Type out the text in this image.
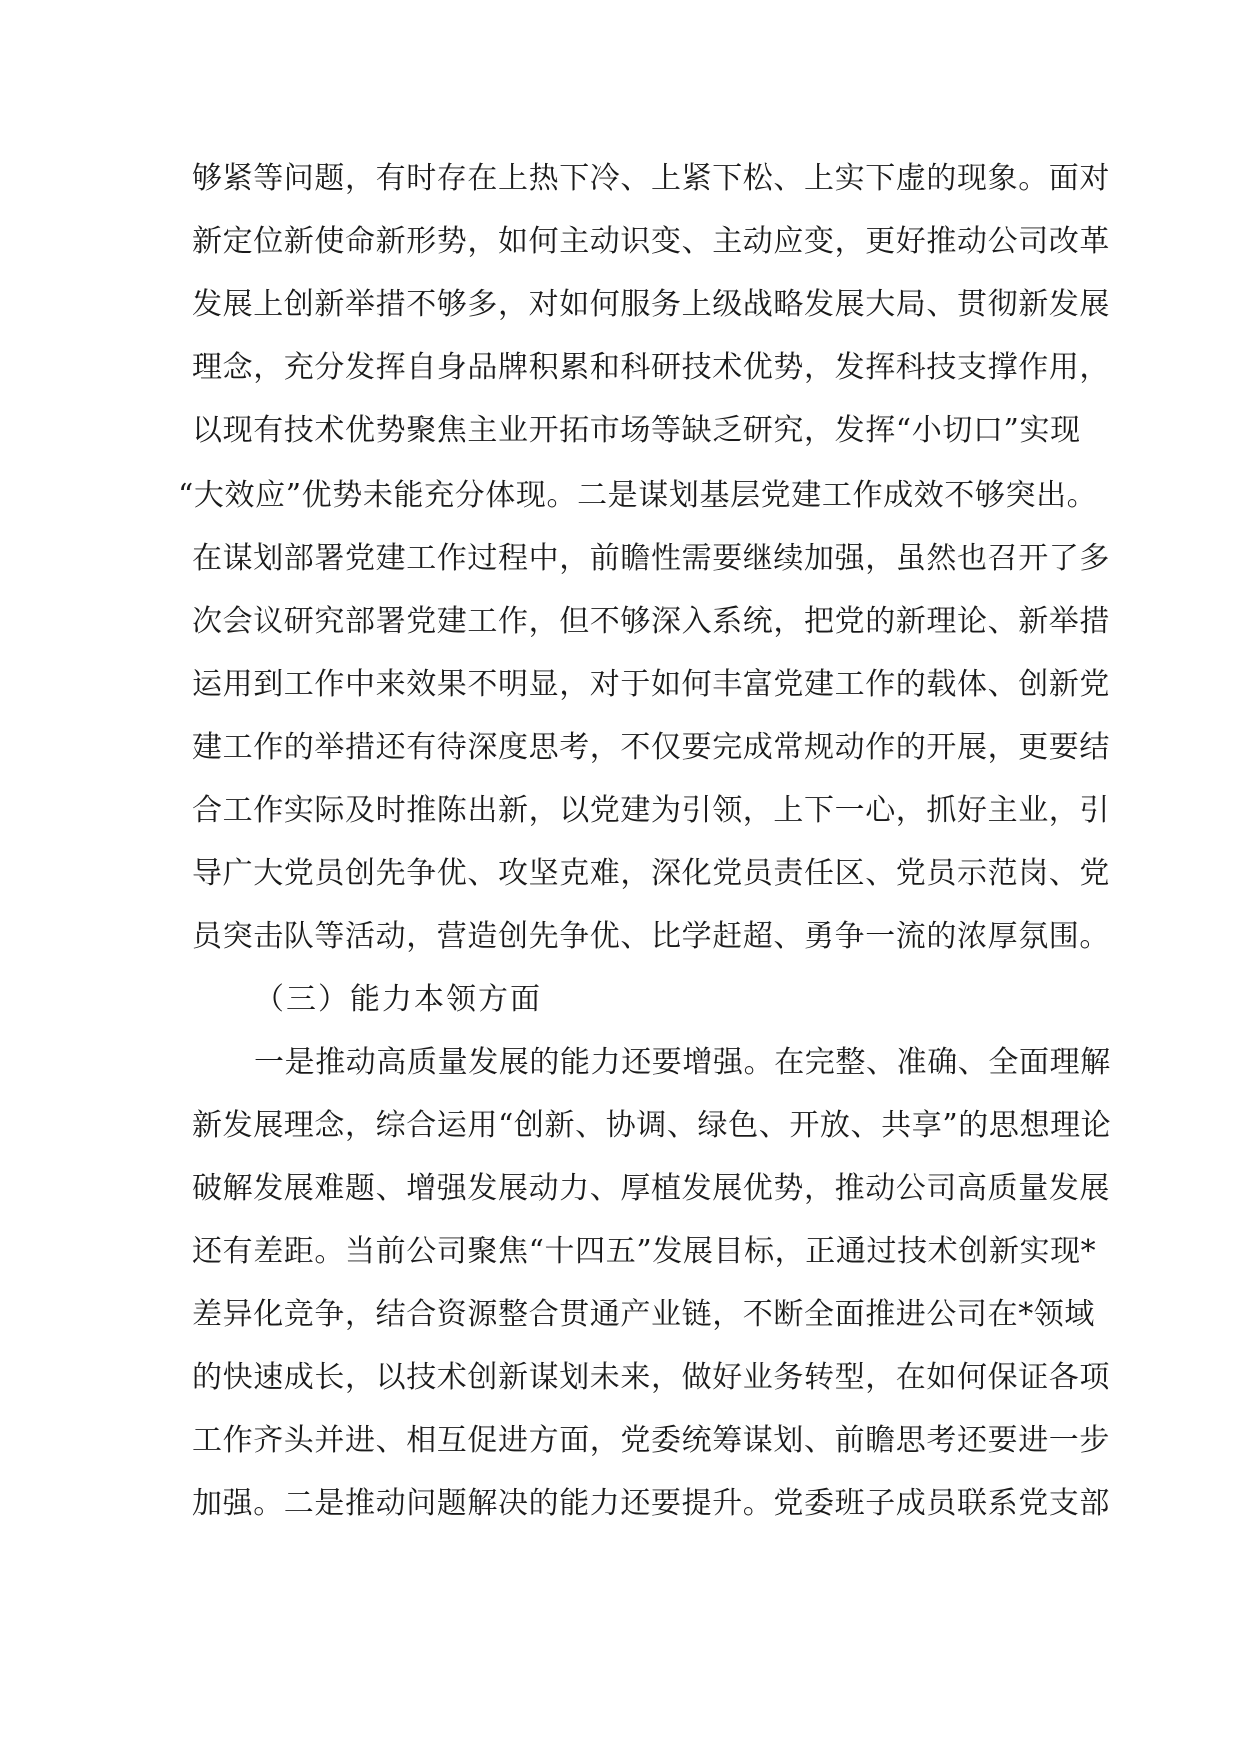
够紧等问题，有时存在上热下冷、上紧下松、上实下虚的现象。面对
新定位新使命新形势，如何主动识变、主动应变，更好推动公司改革
发展上创新举措不够多，对如何服务上级战略发展大局、贯彻新发展
理念，充分发挥自身品牌积累和科研技术优势，发挥科技支撑作用，
以现有技术优势聚焦主业开拓市场等缺乏研究，发挥“小切口”实现
“大效应”优势未能充分体现。二是谋划基层党建工作成效不够突出。
在谋划部署党建工作过程中，前瞻性需要继续加强，虽然也召开了多
次会议研究部署党建工作，但不够深入系统，把党的新理论、新举措
运用到工作中来效果不明显，对于如何丰富党建工作的载体、创新党
建工作的举措还有待深度思考，不仅要完成常规动作的开展，更要结
合工作实际及时推陈出新，以党建为引领，上下一心，抓好主业，引
导广大党员创先争优、攻坚克难，深化党员责任区、党员示范岗、党
员突击队等活动，营造创先争优、比学赶超、勇争一流的浓厚氛围。
（三）能力本领方面
一是推动高质量发展的能力还要增强。在完整、准确、全面理解
新发展理念，综合运用“创新、协调、绿色、开放、共享”的思想理论
破解发展难题、增强发展动力、厚植发展优势，推动公司高质量发展
还有差距。当前公司聚焦“十四五”发展目标，正通过技术创新实现*
差异化竞争，结合资源整合贯通产业链，不断全面推进公司在*领域
的快速成长，以技术创新谋划未来，做好业务转型，在如何保证各项
工作齐头并进、相互促进方面，党委统筹谋划、前瞻思考还要进一步
加强。二是推动问题解决的能力还要提升。党委班子成员联系党支部
